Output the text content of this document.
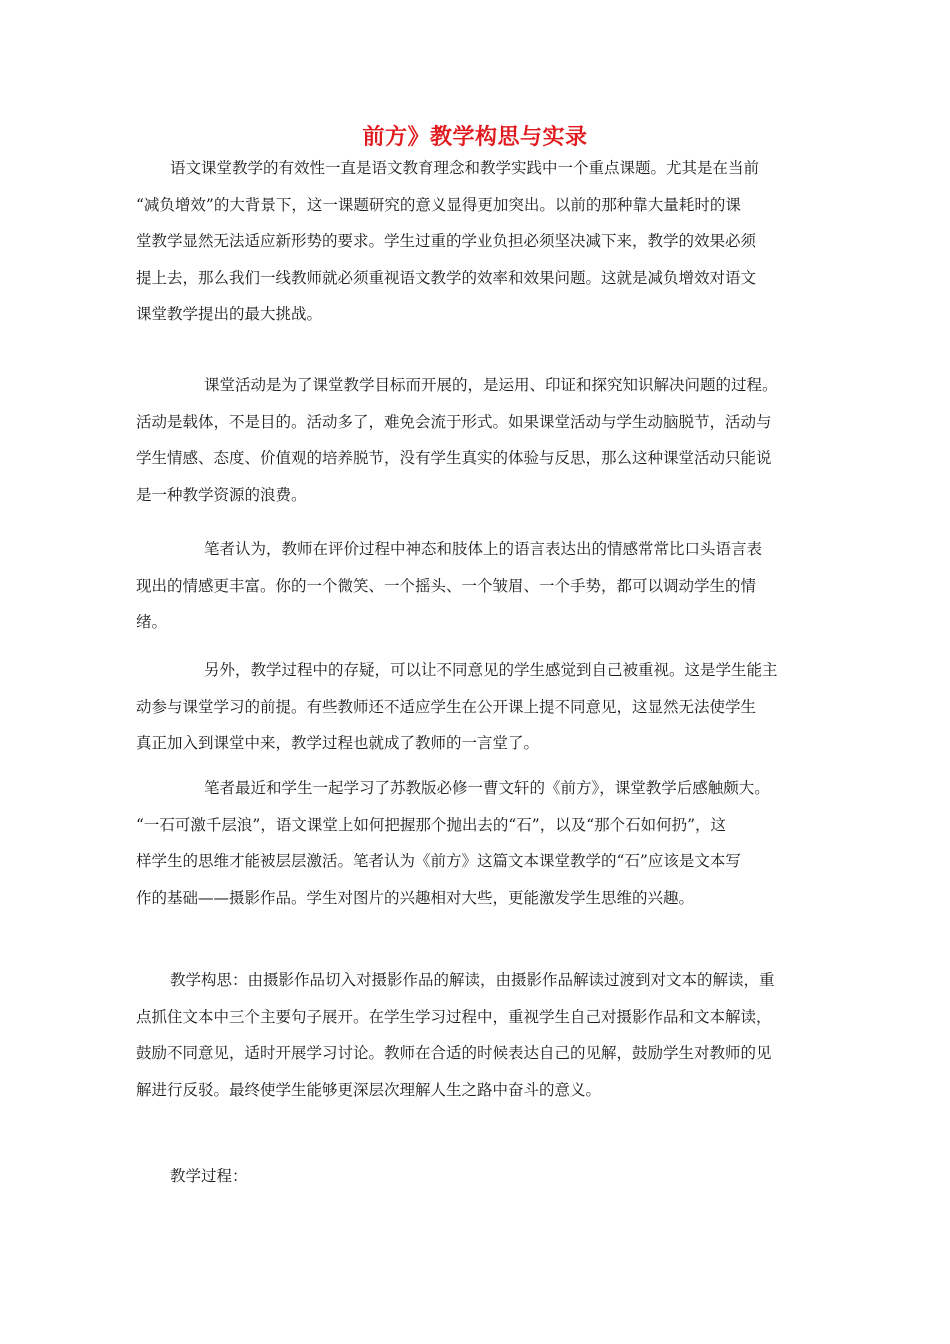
前方》教学构思与实录

语文课堂教学的有效性一直是语文教育理念和教学实践中一个重点课题。尤其是在当前
“减负增效”的大背景下，这一课题研究的意义显得更加突出。以前的那种靠大量耗时的课
堂教学显然无法适应新形势的要求。学生过重的学业负担必须坚决减下来，教学的效果必须
提上去，那么我们一线教师就必须重视语文教学的效率和效果问题。这就是减负增效对语文
课堂教学提出的最大挑战。

课堂活动是为了课堂教学目标而开展的，是运用、印证和探究知识解决问题的过程。
活动是载体，不是目的。活动多了，难免会流于形式。如果课堂活动与学生动脑脱节，活动与
学生情感、态度、价值观的培养脱节，没有学生真实的体验与反思，那么这种课堂活动只能说
是一种教学资源的浪费。

笔者认为，教师在评价过程中神态和肢体上的语言表达出的情感常常比口头语言表
现出的情感更丰富。你的一个微笑、一个摇头、一个皱眉、一个手势，都可以调动学生的情
绪。

另外，教学过程中的存疑，可以让不同意见的学生感觉到自己被重视。这是学生能主
动参与课堂学习的前提。有些教师还不适应学生在公开课上提不同意见，这显然无法使学生
真正加入到课堂中来，教学过程也就成了教师的一言堂了。

笔者最近和学生一起学习了苏教版必修一曹文轩的《前方》，课堂教学后感触颇大。
“一石可激千层浪”，语文课堂上如何把握那个抛出去的“石”，以及“那个石如何扔”，这
样学生的思维才能被层层激活。笔者认为《前方》这篇文本课堂教学的“石”应该是文本写
作的基础——摄影作品。学生对图片的兴趣相对大些，更能激发学生思维的兴趣。

教学构思：由摄影作品切入对摄影作品的解读，由摄影作品解读过渡到对文本的解读，重
点抓住文本中三个主要句子展开。在学生学习过程中，重视学生自己对摄影作品和文本解读，
鼓励不同意见，适时开展学习讨论。教师在合适的时候表达自己的见解，鼓励学生对教师的见
解进行反驳。最终使学生能够更深层次理解人生之路中奋斗的意义。

教学过程：
